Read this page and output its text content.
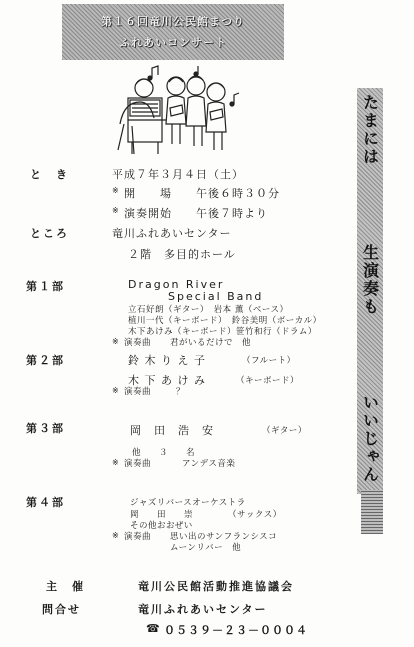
第１６回竜川公民館まつり
ふれあいコンサート
たまには
生演奏も
いいじゃん
と　き	平成７年３月４日（土）
※ 開　　場 午後６時３０分
※ 演奏開始 午後７時より
ところ	竜川ふれあいセンター
２階　多目的ホール
第１部	Dragon River
Special Band
立石好朗（ギター）　岩本 薫（ベース）
植川一代（キーボード）　鈴谷美明（ボーカル）
木下あけみ（キーボード）笹竹和行（ドラム）
※ 演奏曲 君がいるだけで　他
第２部	鈴 木 り え 子	（フルート）
木 下 あ け み	（キーボード）
※ 演奏曲	？
第３部	岡　田　浩　安	（ギター）
他　　３　　名
※ 演奏曲	アンデス音楽
第４部	ジャズリバースオーケストラ
岡　　田　　崇	（サックス）
その他おおぜい
※ 演奏曲 思い出のサンフランシスコ
ムーンリバー　他
主　催	竜川公民館活動推進協議会
問合せ	竜川ふれあいセンター
☎ ０５３９－２３－０００４
